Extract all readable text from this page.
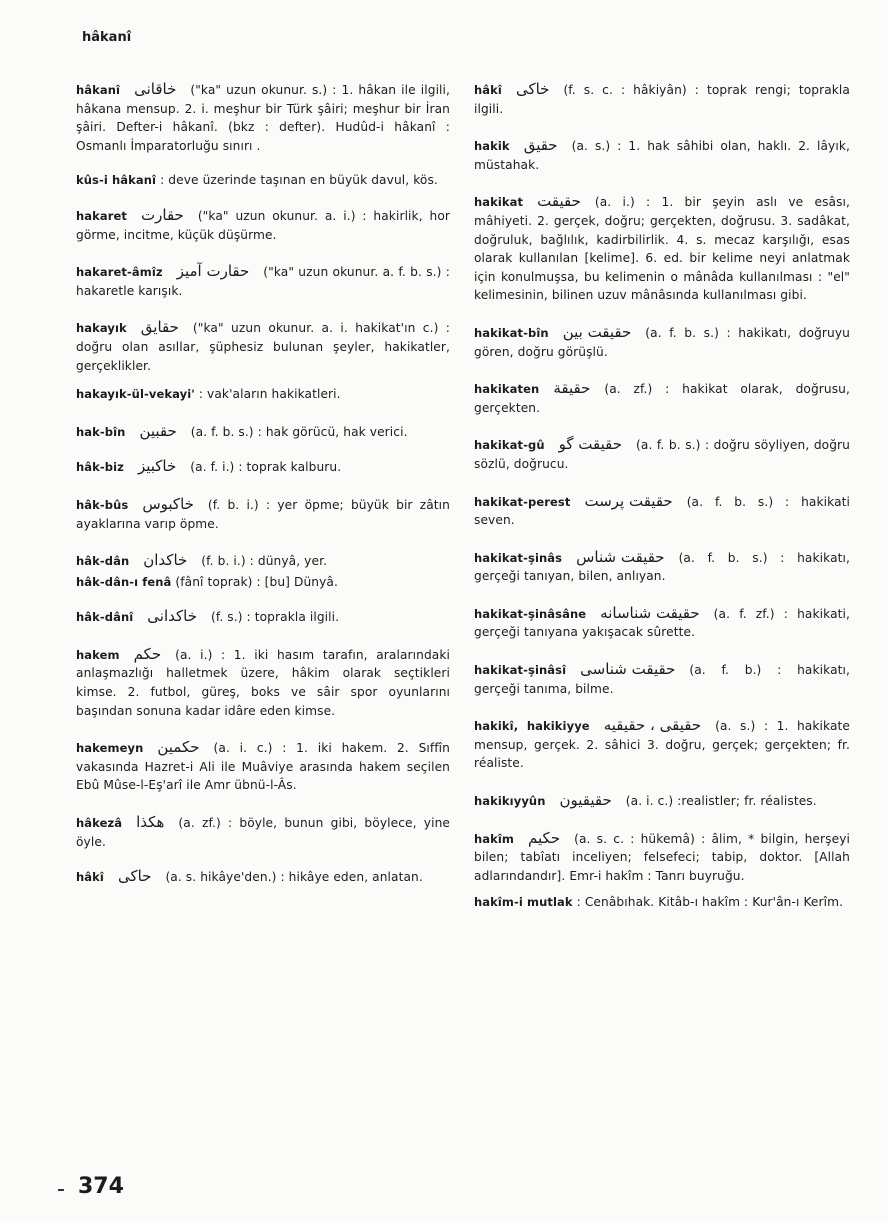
hâkanî

hâkanî خاقانى ("ka" uzun okunur. s.) : 1. hâkan ile ilgili, hâkana mensup. 2. i. meşhur bir Türk şâiri; meşhur bir İran şâiri. Defter-i hâkanî. (bkz : defter). Hudûd-i hâkanî : Osmanlı İmparatorluğu sınırı .

kûs-i hâkanî : deve üzerinde taşınan en büyük davul, kös.

hakaret حقارت ("ka" uzun okunur. a. i.) : hakirlik, hor görme, incitme, küçük düşürme.

hakaret-âmîz حقارت آميز ("ka" uzun okunur. a. f. b. s.) : hakaretle karışık.

hakayık حقايق ("ka" uzun okunur. a. i. hakikat'ın c.) : doğru olan asıllar, şüphesiz bulunan şeyler, hakikatler, gerçeklikler.

hakayık-ül-vekayi' : vak'aların hakikatleri.

hak-bîn حقبين (a. f. b. s.) : hak görücü, hak verici.

hâk-biz خاكبيز (a. f. i.) : toprak kalburu.

hâk-bûs خاكبوس (f. b. i.) : yer öpme; büyük bir zâtın ayaklarına varıp öpme.

hâk-dân خاكدان (f. b. i.) : dünyâ, yer.

hâk-dân-ı fenâ (fânî toprak) : [bu] Dünyâ.

hâk-dânî خاكدانى (f. s.) : toprakla ilgili.

hakem حكم (a. i.) : 1. iki hasım tarafın, aralarındaki anlaşmazlığı halletmek üzere, hâkim olarak seçtikleri kimse. 2. futbol, güreş, boks ve sâir spor oyunlarını başından sonuna kadar idâre eden kimse.

hakemeyn حكمين (a. i. c.) : 1. iki hakem. 2. Sıffîn vakasında Hazret-i Ali ile Muâviye arasında hakem seçilen Ebû Mûse-l-Eş'arî ile Amr übnü-l-Âs.

hâkezâ هكذا (a. zf.) : böyle, bunun gibi, böylece, yine öyle.

hâkî حاكى (a. s. hikâye'den.) : hikâye eden, anlatan.

hâkî خاكى (f. s. c. : hâkiyân) : toprak rengi; toprakla ilgili.

hakik حقيق (a. s.) : 1. hak sâhibi olan, haklı. 2. lâyık, müstahak.

hakikat حقيقت (a. i.) : 1. bir şeyin aslı ve esâsı, mâhiyeti. 2. gerçek, doğru; gerçekten, doğrusu. 3. sadâkat, doğruluk, bağlılık, kadirbilirlik. 4. s. mecaz karşılığı, esas olarak kullanılan [kelime]. 6. ed. bir kelime neyi anlatmak için konulmuşsa, bu kelimenin o mânâda kullanılması : "el" kelimesinin, bilinen uzuv mânâsında kullanılması gibi.

hakikat-bîn حقيقت بين (a. f. b. s.) : hakikatı, doğruyu gören, doğru görüşlü.

hakikaten حقيقة (a. zf.) : hakikat olarak, doğrusu, gerçekten.

hakikat-gû حقيقت گو (a. f. b. s.) : doğru söyliyen, doğru sözlü, doğrucu.

hakikat-perest حقيقت پرست (a. f. b. s.) : hakikati seven.

hakikat-şinâs حقيقت شناس (a. f. b. s.) : hakikatı, gerçeği tanıyan, bilen, anlıyan.

hakikat-şinâsâne حقيقت شناسانه (a. f. zf.) : hakikati, gerçeği tanıyana yakışacak sûrette.

hakikat-şinâsî حقيقت شناسى (a. f. b.) : hakikatı, gerçeği tanıma, bilme.

hakikî, hakikiyye حقيقى ، حقيقيه (a. s.) : 1. hakikate mensup, gerçek. 2. sâhici 3. doğru, gerçek; gerçekten; fr. réaliste.

hakikıyyûn حقيقيون (a. i. c.) :realistler; fr. réalistes.

hakîm حكيم (a. s. c. : hükemâ) : âlim, * bilgin, herşeyi bilen; tabîatı inceliyen; felsefeci; tabip, doktor. [Allah adlarındandır]. Emr-i hakîm : Tanrı buyruğu.

hakîm-i mutlak : Cenâbıhak. Kitâb-ı hakîm : Kur'ân-ı Kerîm.

374
